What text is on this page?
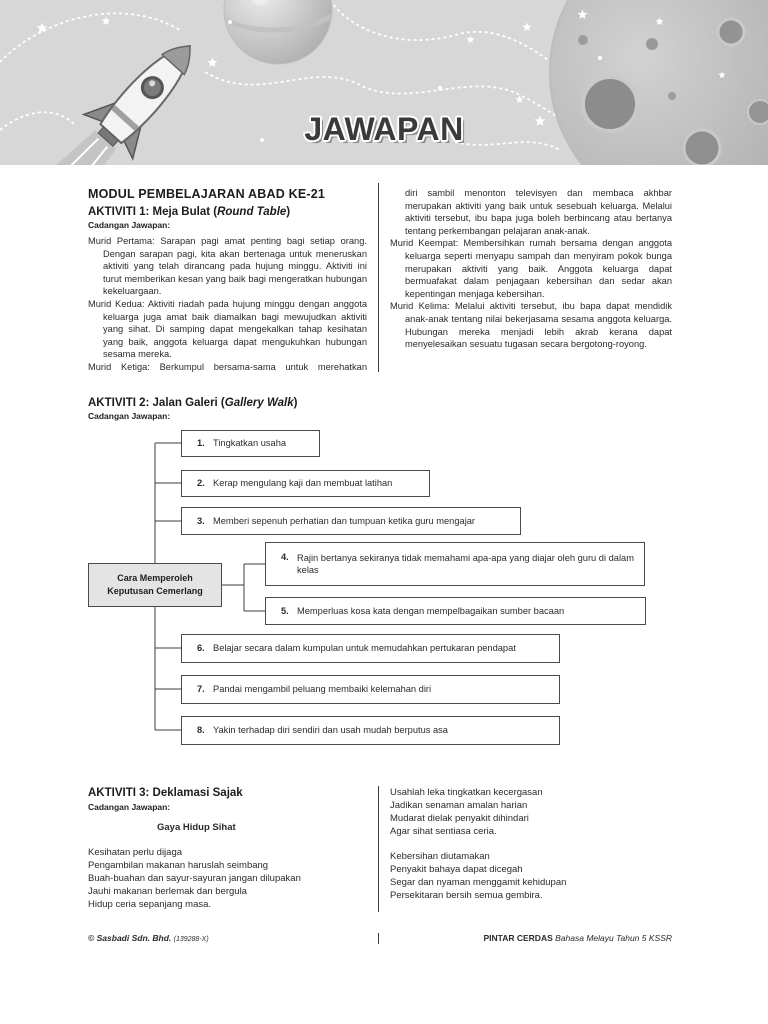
JAWAPAN
MODUL PEMBELAJARAN ABAD KE-21
AKTIVITI 1: Meja Bulat (Round Table)
Cadangan Jawapan:

Murid Pertama: Sarapan pagi amat penting bagi setiap orang. Dengan sarapan pagi, kita akan bertenaga untuk meneruskan aktiviti yang telah dirancang pada hujung minggu. Aktiviti ini turut memberikan kesan yang baik bagi mengeratkan hubungan kekeluargaan.

Murid Kedua: Aktiviti riadah pada hujung minggu dengan anggota keluarga juga amat baik diamalkan bagi mewujudkan aktiviti yang sihat. Di samping dapat mengekalkan tahap kesihatan yang baik, anggota keluarga dapat mengukuhkan hubungan sesama mereka.

Murid Ketiga: Berkumpul bersama-sama untuk merehatkan

diri sambil menonton televisyen dan membaca akhbar merupakan aktiviti yang baik untuk sesebuah keluarga. Melalui aktiviti tersebut, ibu bapa juga boleh berbincang atau bertanya tentang perkembangan pelajaran anak-anak.

Murid Keempat: Membersihkan rumah bersama dengan anggota keluarga seperti menyapu sampah dan menyiram pokok bunga merupakan aktiviti yang baik. Anggota keluarga dapat bermuafakat dalam penjagaan kebersihan dan sedar akan kepentingan menjaga kebersihan.

Murid Kelima: Melalui aktiviti tersebut, ibu bapa dapat mendidik anak-anak tentang nilai bekerjasama sesama anggota keluarga. Hubungan mereka menjadi lebih akrab kerana dapat menyelesaikan sesuatu tugasan secara bergotong-royong.

AKTIVITI 2: Jalan Galeri (Gallery Walk)
Cadangan Jawapan:
Cara Memperoleh Keputusan Cemerlang
1. Tingkatkan usaha
2. Kerap mengulang kaji dan membuat latihan
3. Memberi sepenuh perhatian dan tumpuan ketika guru mengajar
4. Rajin bertanya sekiranya tidak memahami apa-apa yang diajar oleh guru di dalam kelas
5. Memperluas kosa kata dengan mempelbagaikan sumber bacaan
6. Belajar secara dalam kumpulan untuk memudahkan pertukaran pendapat
7. Pandai mengambil peluang membaiki kelemahan diri
8. Yakin terhadap diri sendiri dan usah mudah berputus asa
AKTIVITI 3: Deklamasi Sajak
Cadangan Jawapan:
Gaya Hidup Sihat
Kesihatan perlu dijaga
Pengambilan makanan haruslah seimbang
Buah-buahan dan sayur-sayuran jangan dilupakan
Jauhi makanan berlemak dan bergula
Hidup ceria sepanjang masa.
Usahlah leka tingkatkan kecergasan
Jadikan senaman amalan harian
Mudarat dielak penyakit dihindari
Agar sihat sentiasa ceria.
Kebersihan diutamakan
Penyakit bahaya dapat dicegah
Segar dan nyaman menggamit kehidupan
Persekitaran bersih semua gembira.
© Sasbadi Sdn. Bhd. (139288-X)	PINTAR CERDAS Bahasa Melayu Tahun 5 KSSR
